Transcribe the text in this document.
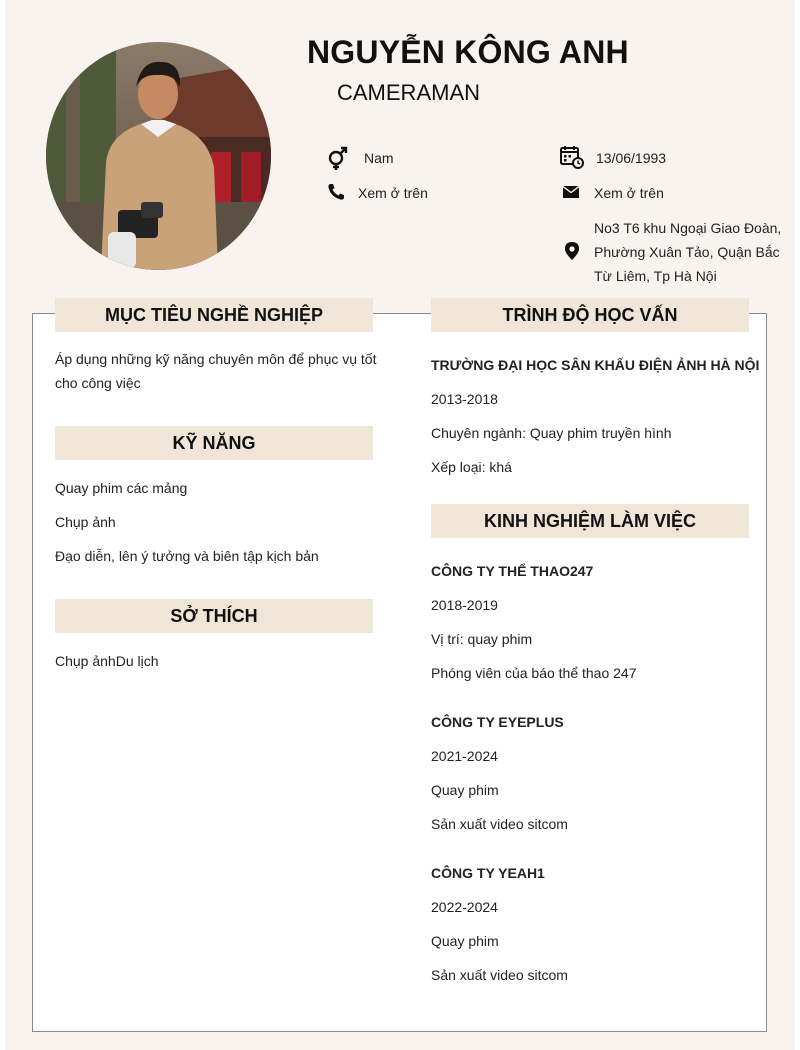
NGUYỄN KÔNG ANH
CAMERAMAN
Nam	13/06/1993
Xem ở trên	Xem ở trên
No3 T6 khu Ngoại Giao Đoàn,
Phường Xuân Tảo, Quận Bắc
Từ Liêm, Tp Hà Nội
MỤC TIÊU NGHỀ NGHIỆP
Áp dụng những kỹ năng chuyên môn để phục vụ tốt
cho công việc
KỸ NĂNG
Quay phim các mảng
Chụp ảnh
Đạo diễn, lên ý tưởng và biên tập kịch bản
SỞ THÍCH
Chụp ảnhDu lịch
TRÌNH ĐỘ HỌC VẤN
TRƯỜNG ĐẠI HỌC SÂN KHẤU ĐIỆN ẢNH HÀ NỘI
2013-2018
Chuyên ngành: Quay phim truyền hình
Xếp loại: khá
KINH NGHIỆM LÀM VIỆC
CÔNG TY THỂ THAO247
2018-2019
Vị trí: quay phim
Phóng viên của báo thể thao 247
CÔNG TY EYEPLUS
2021-2024
Quay phim
Sản xuất video sitcom
CÔNG TY YEAH1
2022-2024
Quay phim
Sản xuất video sitcom
